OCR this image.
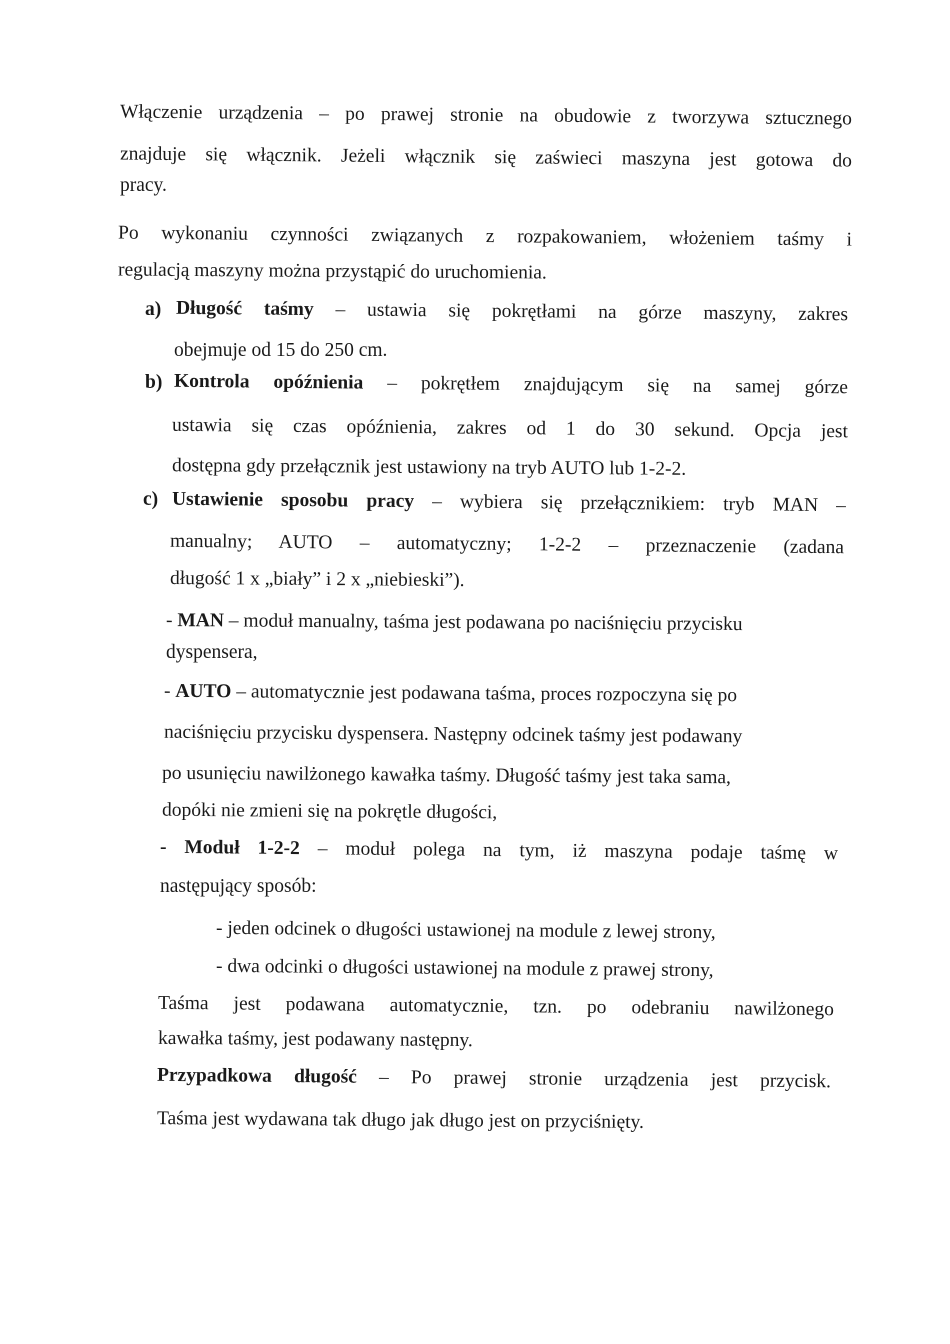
Włączenie urządzenia – po prawej stronie na obudowie z tworzywa sztucznego
znajduje się włącznik. Jeżeli włącznik się zaświeci maszyna jest gotowa do
pracy.
Po wykonaniu czynności związanych z rozpakowaniem, włożeniem taśmy i
regulacją maszyny można przystąpić do uruchomienia.
a) Długość taśmy – ustawia się pokrętłami na górze maszyny, zakres
obejmuje od 15 do 250 cm.
b) Kontrola opóźnienia – pokrętłem znajdującym się na samej górze
ustawia się czas opóźnienia, zakres od 1 do 30 sekund. Opcja jest
dostępna gdy przełącznik jest ustawiony na tryb AUTO lub 1-2-2.
c) Ustawienie sposobu pracy – wybiera się przełącznikiem: tryb MAN –
manualny; AUTO – automatyczny; 1-2-2 – przeznaczenie (zadana
długość 1 x „biały” i 2 x „niebieski”).
- MAN – moduł manualny, taśma jest podawana po naciśnięciu przycisku
dyspensera,
- AUTO – automatycznie jest podawana taśma, proces rozpoczyna się po
naciśnięciu przycisku dyspensera. Następny odcinek taśmy jest podawany
po usunięciu nawilżonego kawałka taśmy. Długość taśmy jest taka sama,
dopóki nie zmieni się na pokrętle długości,
- Moduł 1-2-2 – moduł polega na tym, iż maszyna podaje taśmę w
następujący sposób:
- jeden odcinek o długości ustawionej na module z lewej strony,
- dwa odcinki o długości ustawionej na module z prawej strony,
Taśma jest podawana automatycznie, tzn. po odebraniu nawilżonego
kawałka taśmy, jest podawany następny.
Przypadkowa długość – Po prawej stronie urządzenia jest przycisk.
Taśma jest wydawana tak długo jak długo jest on przyciśnięty.
